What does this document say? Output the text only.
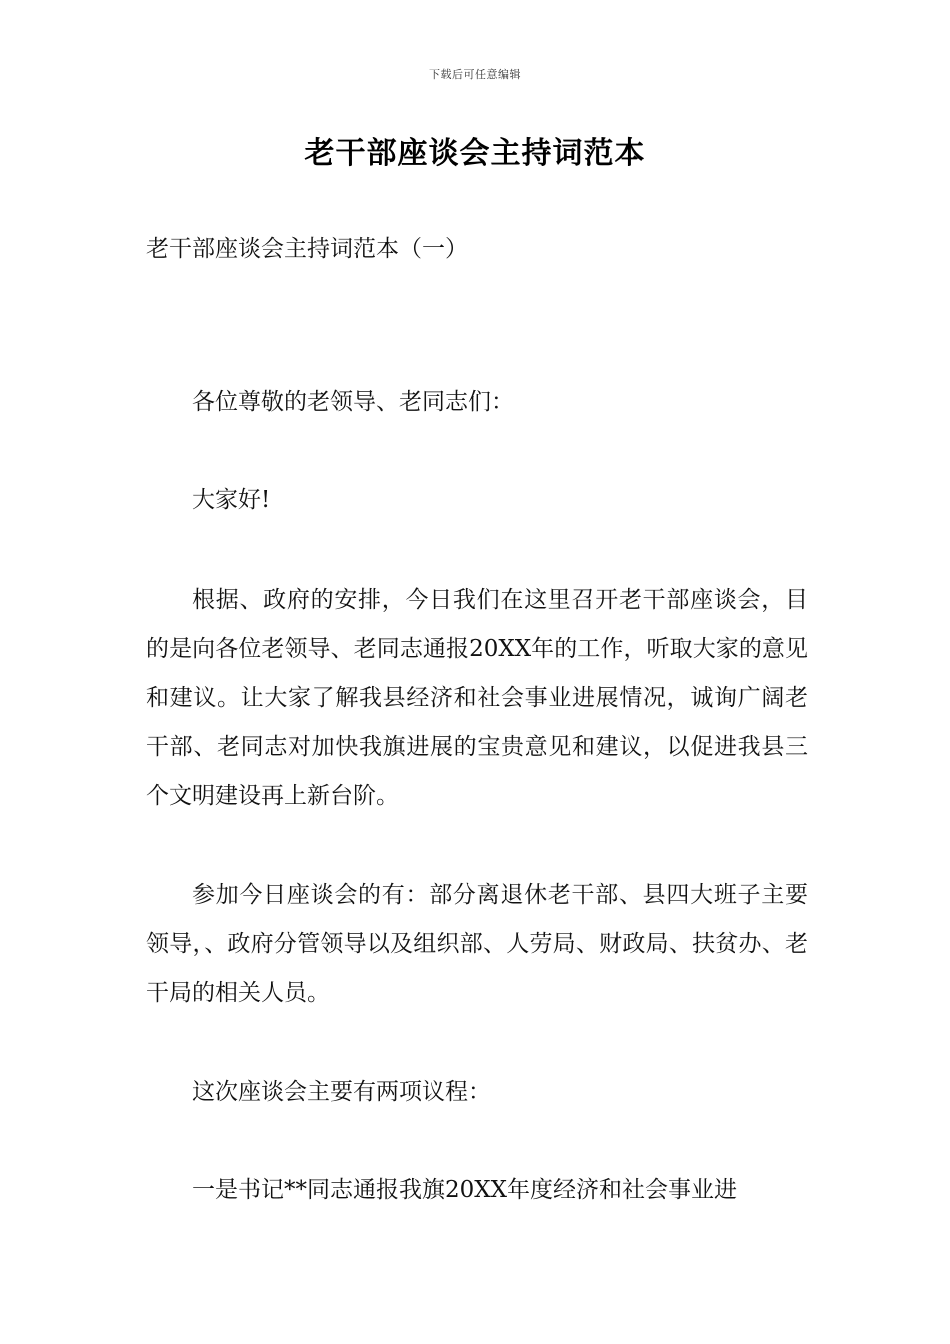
下载后可任意编辑
老干部座谈会主持词范本
老干部座谈会主持词范本（一）

各位尊敬的老领导、老同志们：

大家好!

根据、政府的安排，今日我们在这里召开老干部座谈会，目的是向各位老领导、老同志通报20XX年的工作，听取大家的意见和建议。让大家了解我县经济和社会事业进展情况，诚询广阔老干部、老同志对加快我旗进展的宝贵意见和建议，以促进我县三个文明建设再上新台阶。

参加今日座谈会的有：部分离退休老干部、县四大班子主要领导，、政府分管领导以及组织部、人劳局、财政局、扶贫办、老干局的相关人员。

这次座谈会主要有两项议程：

一是书记**同志通报我旗20XX年度经济和社会事业进
